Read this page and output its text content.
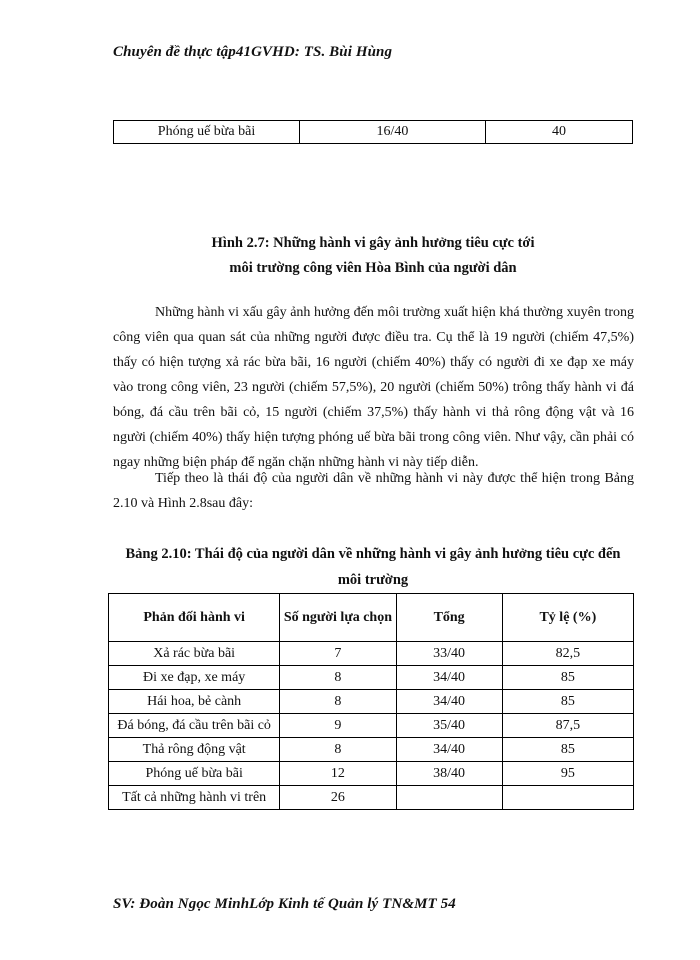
Chuyên đề thực tập41GVHD: TS. Bùi Hùng
Phóng uế bừa bãi	16/40	40
Hình 2.7: Những hành vi gây ảnh hưởng tiêu cực tới
môi trường công viên Hòa Bình của người dân
Những hành vi xấu gây ảnh hưởng đến môi trường xuất hiện khá thường xuyên trong công viên qua quan sát của những người được điều tra. Cụ thể là 19 người (chiếm 47,5%) thấy có hiện tượng xả rác bừa bãi, 16 người (chiếm 40%) thấy có người đi xe đạp xe máy vào trong công viên, 23 người (chiếm 57,5%), 20 người (chiếm 50%) trông thấy hành vi đá bóng, đá cầu trên bãi cỏ, 15 người (chiếm 37,5%) thấy hành vi thả rông động vật và 16 người (chiếm 40%) thấy hiện tượng phóng uế bừa bãi trong công viên. Như vậy, cần phải có ngay những biện pháp để ngăn chặn những hành vi này tiếp diễn.
Tiếp theo là thái độ của người dân về những hành vi này được thể hiện trong Bảng 2.10 và Hình 2.8sau đây:
Bảng 2.10: Thái độ của người dân về những hành vi gây ảnh hưởng tiêu cực đến
môi trường
Phản đối hành vi	Số người lựa chọn	Tổng	Tỷ lệ (%)
Xả rác bừa bãi	7	33/40	82,5
Đi xe đạp, xe máy	8	34/40	85
Hái hoa, bẻ cành	8	34/40	85
Đá bóng, đá cầu trên bãi cỏ	9	35/40	87,5
Thả rông động vật	8	34/40	85
Phóng uế bừa bãi	12	38/40	95
Tất cả những hành vi trên	26		
SV: Đoàn Ngọc MinhLớp Kinh tế Quản lý TN&MT 54
